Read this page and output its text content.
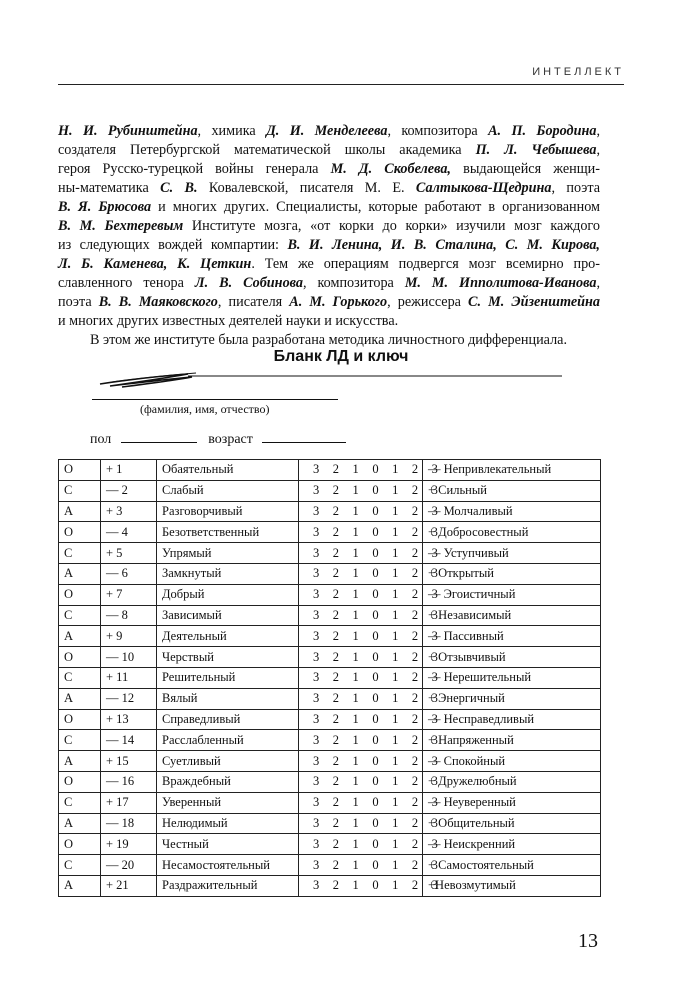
ИНТЕЛЛЕКТ
Н. И. Рубинштейна, химика Д. И. Менделеева, композитора А. П. Бородина,
создателя Петербургской математической школы академика П. Л. Чебышева,
героя Русско-турецкой войны генерала М. Д. Скобелева, выдающейся женщи-
ны-математика С. В. Ковалевской, писателя М. Е. Салтыкова-Щедрина, поэта
В. Я. Брюсова и многих других. Специалисты, которые работают в организованном
В. М. Бехтеревым Институте мозга, «от корки до корки» изучили мозг каждого
из следующих вождей компартии: В. И. Ленина, И. В. Сталина, С. М. Кирова,
Л. Б. Каменева, К. Цеткин. Тем же операциям подвергся мозг всемирно про-
славленного тенора Л. В. Собинова, композитора М. М. Ипполитова-Иванова,
поэта В. В. Маяковского, писателя А. М. Горького, режиссера С. М. Эйзенштейна
и многих других известных деятелей науки и искусства.
В этом же институте была разработана методика личностного дифференциала.
Бланк ЛД и ключ
(фамилия, имя, отчество)
пол	возраст
О	+ 1	Обаятельный	3 2 1 0 1 2 3	— Непривлекательный
С	— 2	Слабый	3 2 1 0 1 2 3	+ Сильный
А	+ 3	Разговорчивый	3 2 1 0 1 2 3	— Молчаливый
О	— 4	Безответственный	3 2 1 0 1 2 3	+ Добросовестный
С	+ 5	Упрямый	3 2 1 0 1 2 3	— Уступчивый
А	— 6	Замкнутый	3 2 1 0 1 2 3	+ Открытый
О	+ 7	Добрый	3 2 1 0 1 2 3	— Эгоистичный
С	— 8	Зависимый	3 2 1 0 1 2 3	+ Независимый
А	+ 9	Деятельный	3 2 1 0 1 2 3	— Пассивный
О	— 10	Черствый	3 2 1 0 1 2 3	+ Отзывчивый
С	+ 11	Решительный	3 2 1 0 1 2 3	— Нерешительный
А	— 12	Вялый	3 2 1 0 1 2 3	+ Энергичный
О	+ 13	Справедливый	3 2 1 0 1 2 3	— Несправедливый
С	— 14	Расслабленный	3 2 1 0 1 2 3	+ Напряженный
А	+ 15	Суетливый	3 2 1 0 1 2 3	— Спокойный
О	— 16	Враждебный	3 2 1 0 1 2 3	+ Дружелюбный
С	+ 17	Уверенный	3 2 1 0 1 2 3	— Неуверенный
А	— 18	Нелюдимый	3 2 1 0 1 2 3	+ Общительный
О	+ 19	Честный	3 2 1 0 1 2 3	— Неискренний
С	— 20	Несамостоятельный	3 2 1 0 1 2 3	+ Самостоятельный
А	+ 21	Раздражительный	3 2 1 0 1 2 3	+Невозмутимый
13
